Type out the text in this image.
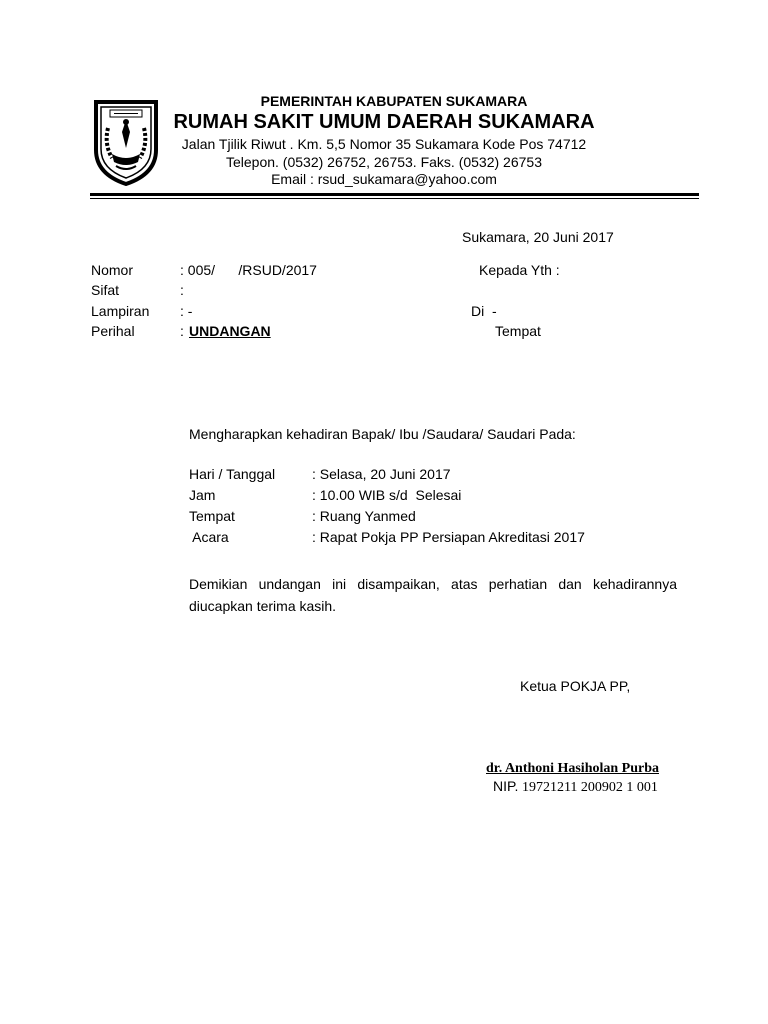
PEMERINTAH KABUPATEN SUKAMARA
RUMAH SAKIT UMUM DAERAH SUKAMARA
Jalan Tjilik Riwut . Km. 5,5 Nomor 35 Sukamara Kode Pos 74712
Telepon. (0532) 26752, 26753. Faks. (0532) 26753
Email : rsud_sukamara@yahoo.com
Sukamara, 20 Juni 2017
Nomor	: 005/      /RSUD/2017
Sifat	:
Lampiran : -
Perihal	: UNDANGAN
Kepada Yth :
Di  -
Tempat
Mengharapkan kehadiran Bapak/ Ibu /Saudara/ Saudari Pada:
Hari / Tanggal	: Selasa, 20 Juni 2017
Jam	: 10.00 WIB s/d  Selesai
Tempat	: Ruang Yanmed
Acara	: Rapat Pokja PP Persiapan Akreditasi 2017
Demikian undangan ini disampaikan, atas perhatian dan kehadirannya diucapkan terima kasih.
Ketua POKJA PP,
dr. Anthoni Hasiholan Purba
NIP. 19721211 200902 1 001
